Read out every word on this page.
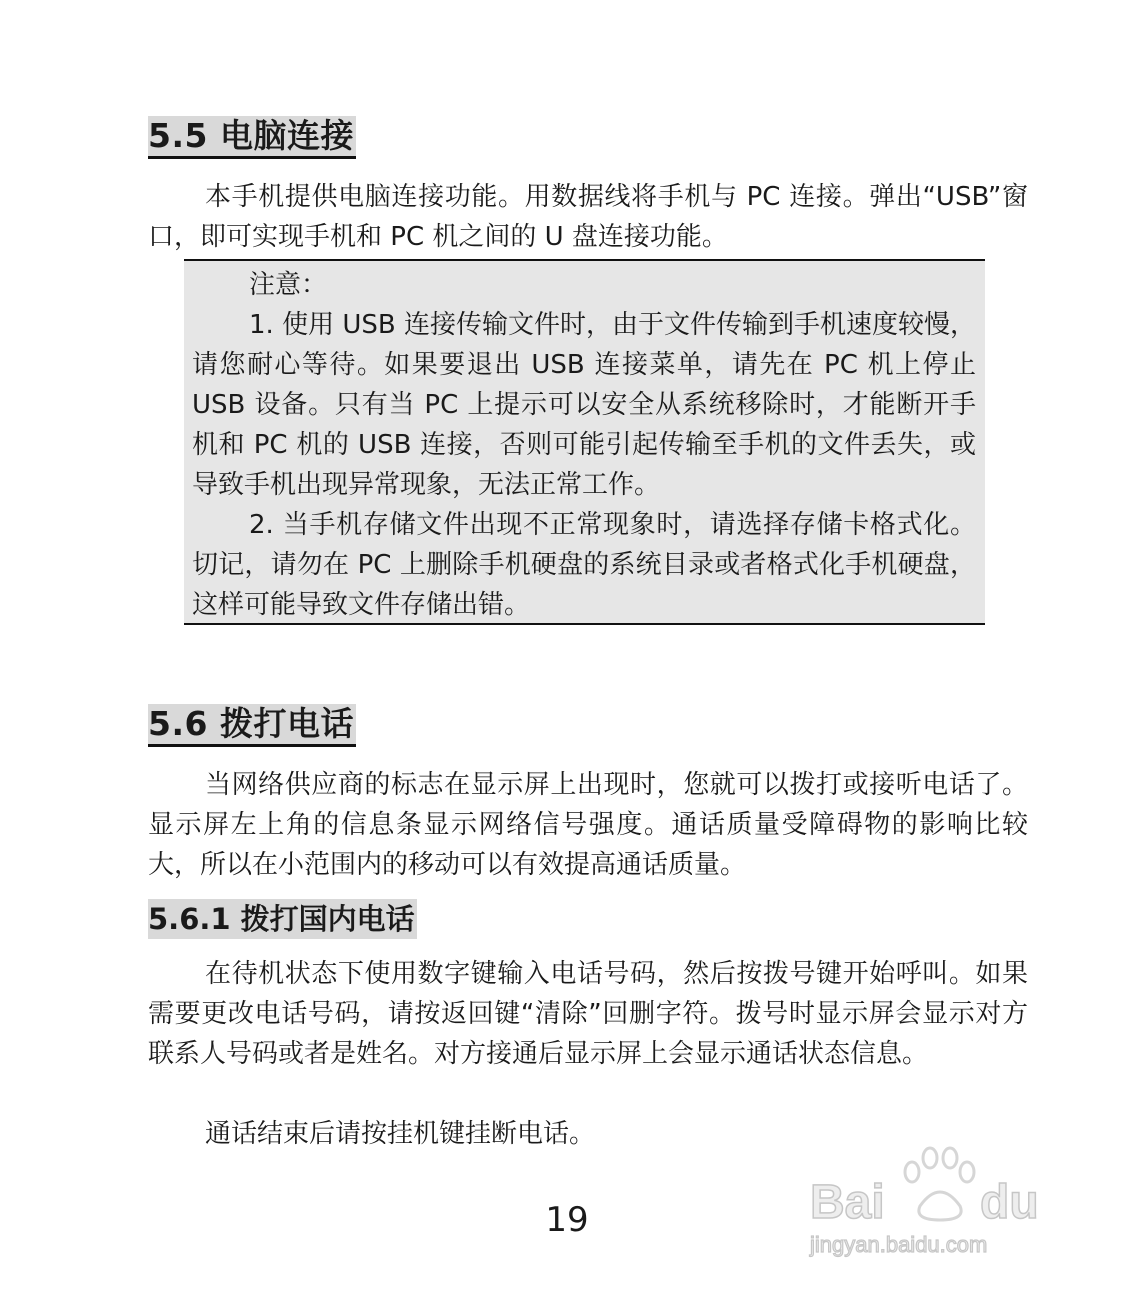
5.5 电脑连接
本手机提供电脑连接功能。用数据线将手机与 PC 连接。弹出“USB”窗口，即可实现手机和 PC 机之间的 U 盘连接功能。
注意：
1. 使用 USB 连接传输文件时，由于文件传输到手机速度较慢，请您耐心等待。如果要退出 USB 连接菜单，请先在 PC 机上停止 USB 设备。只有当 PC 上提示可以安全从系统移除时，才能断开手机和 PC 机的 USB 连接，否则可能引起传输至手机的文件丢失，或导致手机出现异常现象，无法正常工作。
2. 当手机存储文件出现不正常现象时，请选择存储卡格式化。切记，请勿在 PC 上删除手机硬盘的系统目录或者格式化手机硬盘，这样可能导致文件存储出错。
5.6 拨打电话
当网络供应商的标志在显示屏上出现时，您就可以拨打或接听电话了。显示屏左上角的信息条显示网络信号强度。通话质量受障碍物的影响比较大，所以在小范围内的移动可以有效提高通话质量。
5.6.1 拨打国内电话
在待机状态下使用数字键输入电话号码，然后按拨号键开始呼叫。如果需要更改电话号码，请按返回键“清除”回删字符。拨号时显示屏会显示对方联系人号码或者是姓名。对方接通后显示屏上会显示通话状态信息。
通话结束后请按挂机键挂断电话。
19	Bai du
jingyan.baidu.com
